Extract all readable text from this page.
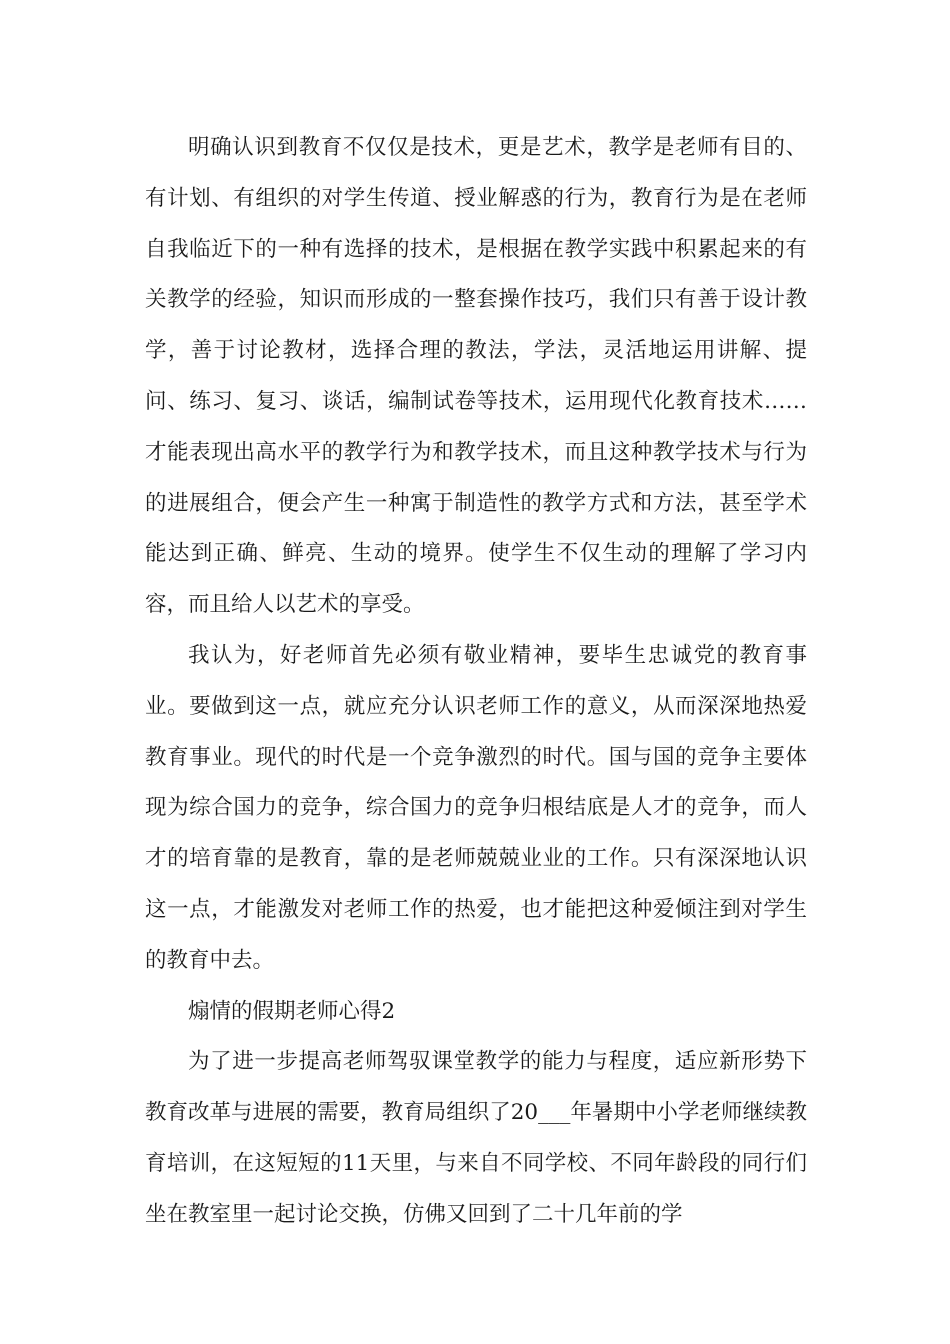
明确认识到教育不仅仅是技术，更是艺术，教学是老师有目的、有计划、有组织的对学生传道、授业解惑的行为，教育行为是在老师自我临近下的一种有选择的技术，是根据在教学实践中积累起来的有关教学的经验，知识而形成的一整套操作技巧，我们只有善于设计教学，善于讨论教材，选择合理的教法，学法，灵活地运用讲解、提问、练习、复习、谈话，编制试卷等技术，运用现代化教育技术……才能表现出高水平的教学行为和教学技术，而且这种教学技术与行为的进展组合，便会产生一种寓于制造性的教学方式和方法，甚至学术能达到正确、鲜亮、生动的境界。使学生不仅生动的理解了学习内容，而且给人以艺术的享受。

我认为，好老师首先必须有敬业精神，要毕生忠诚党的教育事业。要做到这一点，就应充分认识老师工作的意义，从而深深地热爱教育事业。现代的时代是一个竞争激烈的时代。国与国的竞争主要体现为综合国力的竞争，综合国力的竞争归根结底是人才的竞争，而人才的培育靠的是教育，靠的是老师兢兢业业的工作。只有深深地认识这一点，才能激发对老师工作的热爱，也才能把这种爱倾注到对学生的教育中去。

煽情的假期老师心得2

为了进一步提高老师驾驭课堂教学的能力与程度，适应新形势下教育改革与进展的需要，教育局组织了20___年暑期中小学老师继续教育培训，在这短短的11天里，与来自不同学校、不同年龄段的同行们坐在教室里一起讨论交换，仿佛又回到了二十几年前的学
